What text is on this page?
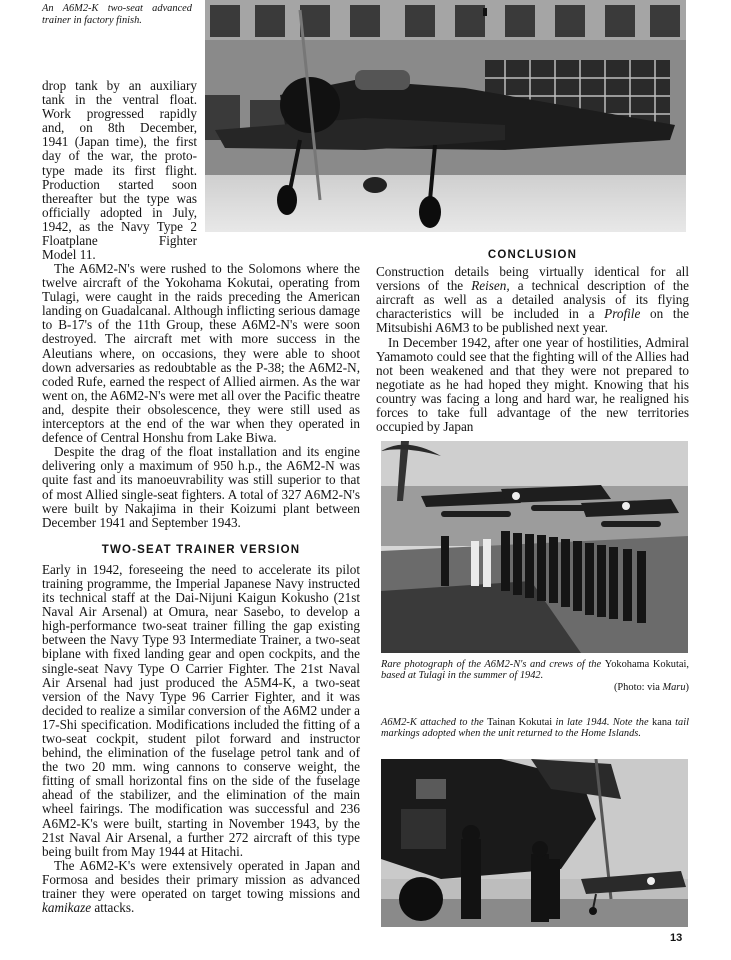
An A6M2-K two-seat advanced trainer in factory finish.

drop tank by an auxiliary
tank in the ventral float.
Work progressed rapidly
and, on 8th December,
1941 (Japan time), the first
day of the war, the proto-
type made its first flight.
Production started soon
thereafter but the type was
officially adopted in July,
1942, as the Navy Type 2
Floatplane Fighter
Model 11.

The A6M2-N's were rushed to the Solomons where the twelve aircraft of the Yokohama Kokutai, operating from Tulagi, were caught in the raids preceding the American landing on Guadalcanal. Although inflicting serious damage to B-17's of the 11th Group, these A6M2-N's were soon destroyed. The aircraft met with more success in the Aleutians where, on occasions, they were able to shoot down adversaries as redoubtable as the P-38; the A6M2-N, coded Rufe, earned the respect of Allied airmen. As the war went on, the A6M2-N's were met all over the Pacific theatre and, despite their obsolescence, they were still used as interceptors at the end of the war when they operated in defence of Central Honshu from Lake Biwa.

Despite the drag of the float installation and its engine delivering only a maximum of 950 h.p., the A6M2-N was quite fast and its manoeuvrability was still superior to that of most Allied single-seat fighters. A total of 327 A6M2-N's were built by Nakajima in their Koizumi plant between December 1941 and September 1943.

TWO-SEAT TRAINER VERSION

Early in 1942, foreseeing the need to accelerate its pilot training programme, the Imperial Japanese Navy instructed its technical staff at the Dai-Nijuni Kaigun Kokusho (21st Naval Air Arsenal) at Omura, near Sasebo, to develop a high-performance two-seat trainer filling the gap existing between the Navy Type 93 Intermediate Trainer, a two-seat biplane with fixed landing gear and open cockpits, and the single-seat Navy Type O Carrier Fighter. The 21st Naval Air Arsenal had just produced the A5M4-K, a two-seat version of the Navy Type 96 Carrier Fighter, and it was decided to realize a similar conversion of the A6M2 under a 17-Shi specification. Modifications included the fitting of a two-seat cockpit, student pilot forward and instructor behind, the elimination of the fuselage petrol tank and of the two 20 mm. wing cannons to conserve weight, the fitting of small horizontal fins on the side of the fuselage ahead of the stabilizer, and the elimination of the main wheel fairings. The modification was successful and 236 A6M2-K's were built, starting in November 1943, by the 21st Naval Air Arsenal, a further 272 aircraft of this type being built from May 1944 at Hitachi.

The A6M2-K's were extensively operated in Japan and Formosa and besides their primary mission as advanced trainer they were operated on target towing missions and kamikaze attacks.

CONCLUSION

Construction details being virtually identical for all versions of the Reisen, a technical description of the aircraft as well as a detailed analysis of its flying characteristics will be included in a Profile on the Mitsubishi A6M3 to be published next year.

In December 1942, after one year of hostilities, Admiral Yamamoto could see that the fighting will of the Allies had not been weakened and that they were not prepared to negotiate as he had hoped they might. Knowing that his country was facing a long and hard war, he realigned his forces to take full advantage of the new territories occupied by Japan

Rare photograph of the A6M2-N's and crews of the Yokohama Kokutai, based at Tulagi in the summer of 1942.
(Photo: via Maru)

A6M2-K attached to the Tainan Kokutai in late 1944. Note the kana tail markings adopted when the unit returned to the Home Islands.

13
